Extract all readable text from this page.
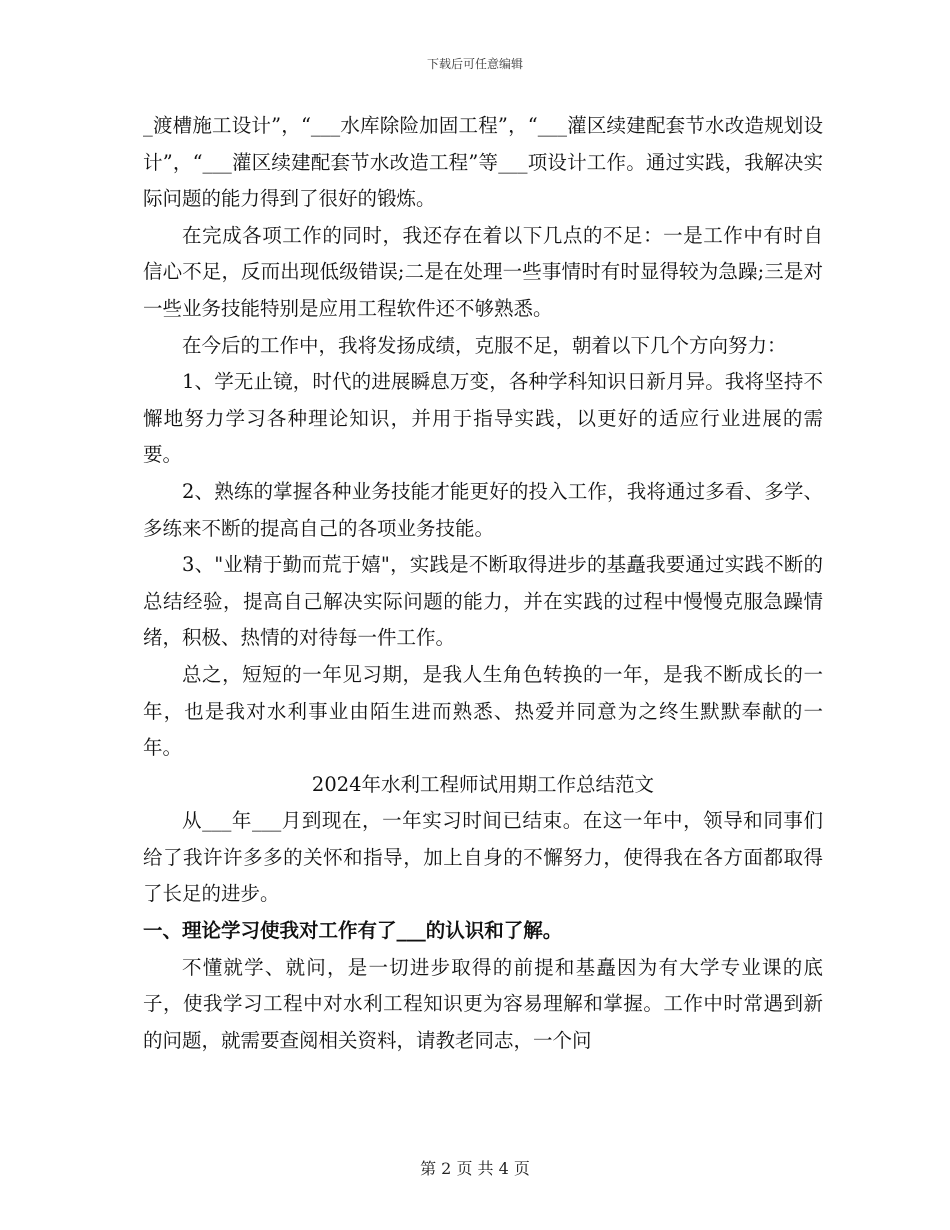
下载后可任意编辑

_渡槽施工设计”，“___水库除险加固工程”，“___灌区续建配套节水改造规划设计”，“___灌区续建配套节水改造工程”等___项设计工作。通过实践，我解决实际问题的能力得到了很好的锻炼。

在完成各项工作的同时，我还存在着以下几点的不足：一是工作中有时自信心不足，反而出现低级错误;二是在处理一些事情时有时显得较为急躁;三是对一些业务技能特别是应用工程软件还不够熟悉。

在今后的工作中，我将发扬成绩，克服不足，朝着以下几个方向努力：

1、学无止镜，时代的进展瞬息万变，各种学科知识日新月异。我将坚持不懈地努力学习各种理论知识，并用于指导实践，以更好的适应行业进展的需要。

2、熟练的掌握各种业务技能才能更好的投入工作，我将通过多看、多学、多练来不断的提高自己的各项业务技能。

3、"业精于勤而荒于嬉"，实践是不断取得进步的基矗我要通过实践不断的总结经验，提高自己解决实际问题的能力，并在实践的过程中慢慢克服急躁情绪，积极、热情的对待每一件工作。

总之，短短的一年见习期，是我人生角色转换的一年，是我不断成长的一年，也是我对水利事业由陌生进而熟悉、热爱并同意为之终生默默奉献的一年。

2024年水利工程师试用期工作总结范文

从___年___月到现在，一年实习时间已结束。在这一年中，领导和同事们给了我许许多多的关怀和指导，加上自身的不懈努力，使得我在各方面都取得了长足的进步。

一、理论学习使我对工作有了___的认识和了解。

不懂就学、就问，是一切进步取得的前提和基矗因为有大学专业课的底子，使我学习工程中对水利工程知识更为容易理解和掌握。工作中时常遇到新的问题，就需要查阅相关资料，请教老同志，一个问

第 2 页 共 4 页
